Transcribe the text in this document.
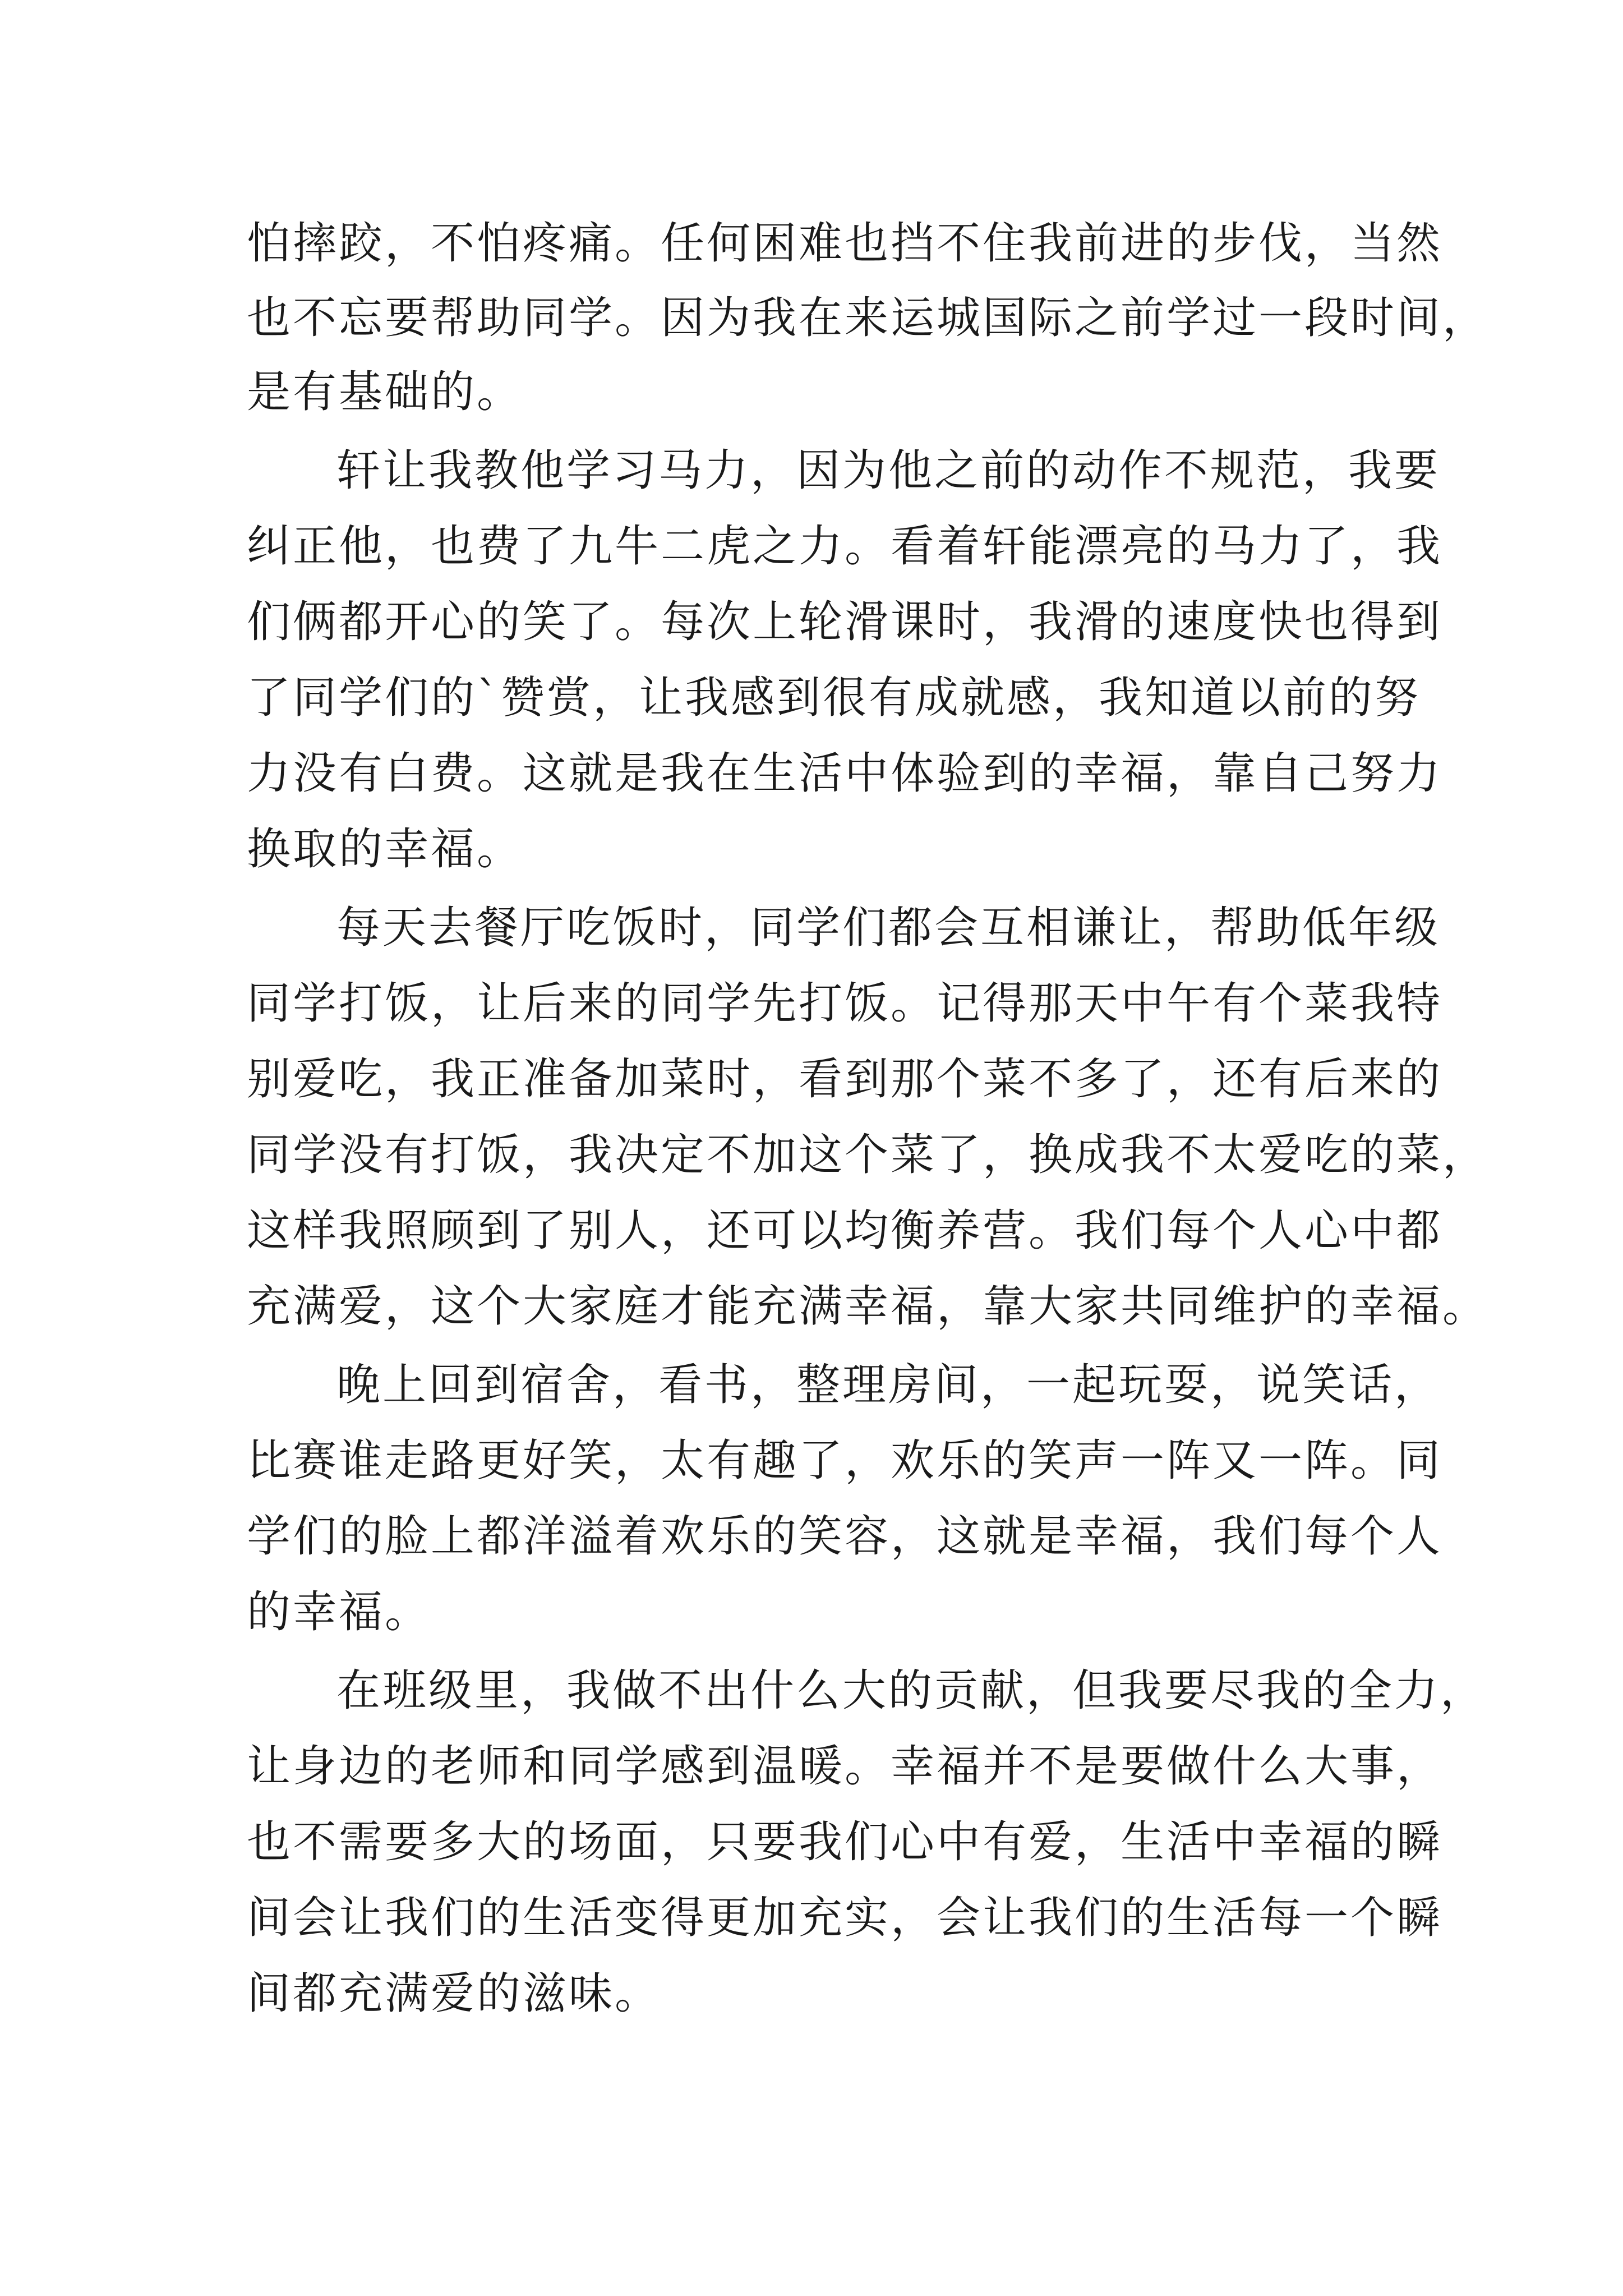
怕摔跤，不怕疼痛。任何困难也挡不住我前进的步伐，当然
也不忘要帮助同学。因为我在来运城国际之前学过一段时间，
是有基础的。
轩让我教他学习马力，因为他之前的动作不规范，我要
纠正他，也费了九牛二虎之力。看着轩能漂亮的马力了，我
们俩都开心的笑了。每次上轮滑课时，我滑的速度快也得到
了同学们的`赞赏，让我感到很有成就感，我知道以前的努
力没有白费。这就是我在生活中体验到的幸福，靠自己努力
换取的幸福。
每天去餐厅吃饭时，同学们都会互相谦让，帮助低年级
同学打饭，让后来的同学先打饭。记得那天中午有个菜我特
别爱吃，我正准备加菜时，看到那个菜不多了，还有后来的
同学没有打饭，我决定不加这个菜了，换成我不太爱吃的菜，
这样我照顾到了别人，还可以均衡养营。我们每个人心中都
充满爱，这个大家庭才能充满幸福，靠大家共同维护的幸福。
晚上回到宿舍，看书，整理房间，一起玩耍，说笑话，
比赛谁走路更好笑，太有趣了，欢乐的笑声一阵又一阵。同
学们的脸上都洋溢着欢乐的笑容，这就是幸福，我们每个人
的幸福。
在班级里，我做不出什么大的贡献，但我要尽我的全力，
让身边的老师和同学感到温暖。幸福并不是要做什么大事，
也不需要多大的场面，只要我们心中有爱，生活中幸福的瞬
间会让我们的生活变得更加充实，会让我们的生活每一个瞬
间都充满爱的滋味。
